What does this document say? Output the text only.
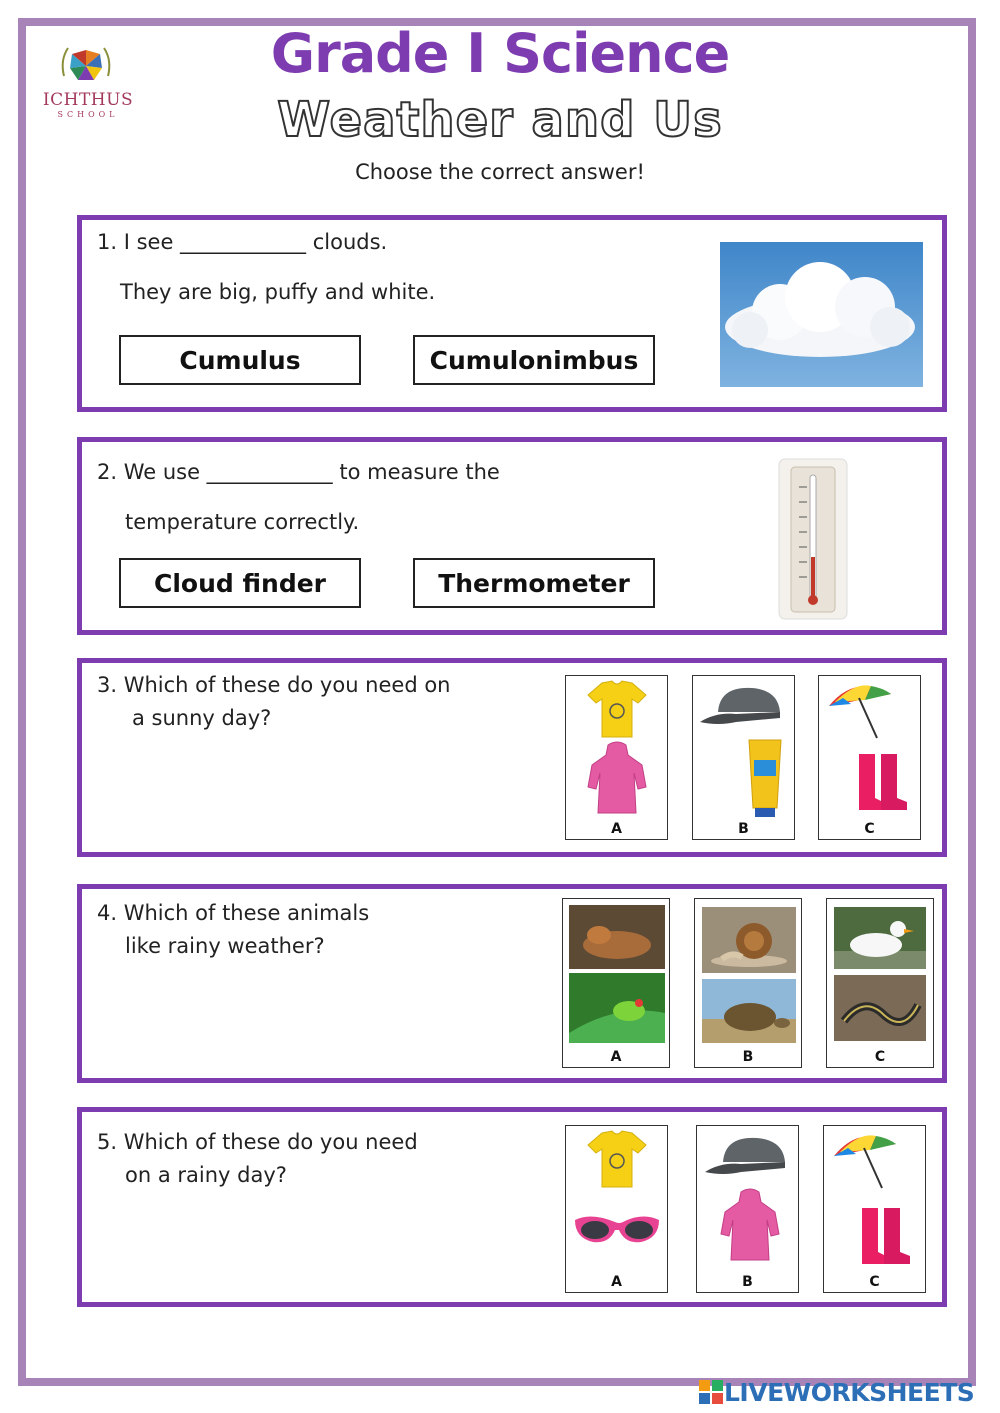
ICHTHUS
SCHOOL
Grade I Science
Weather and Us
Choose the correct answer!
1. I see ____________ clouds.
They are big, puffy and white.
Cumulus	Cumulonimbus
2. We use ____________ to measure the
temperature correctly.
Cloud finder	Thermometer
3. Which of these do you need on
a sunny day?
A	B	C
4. Which of these animals
like rainy weather?
A	B	C
5. Which of these do you need
on a rainy day?
A	B	C
LIVEWORKSHEETS
